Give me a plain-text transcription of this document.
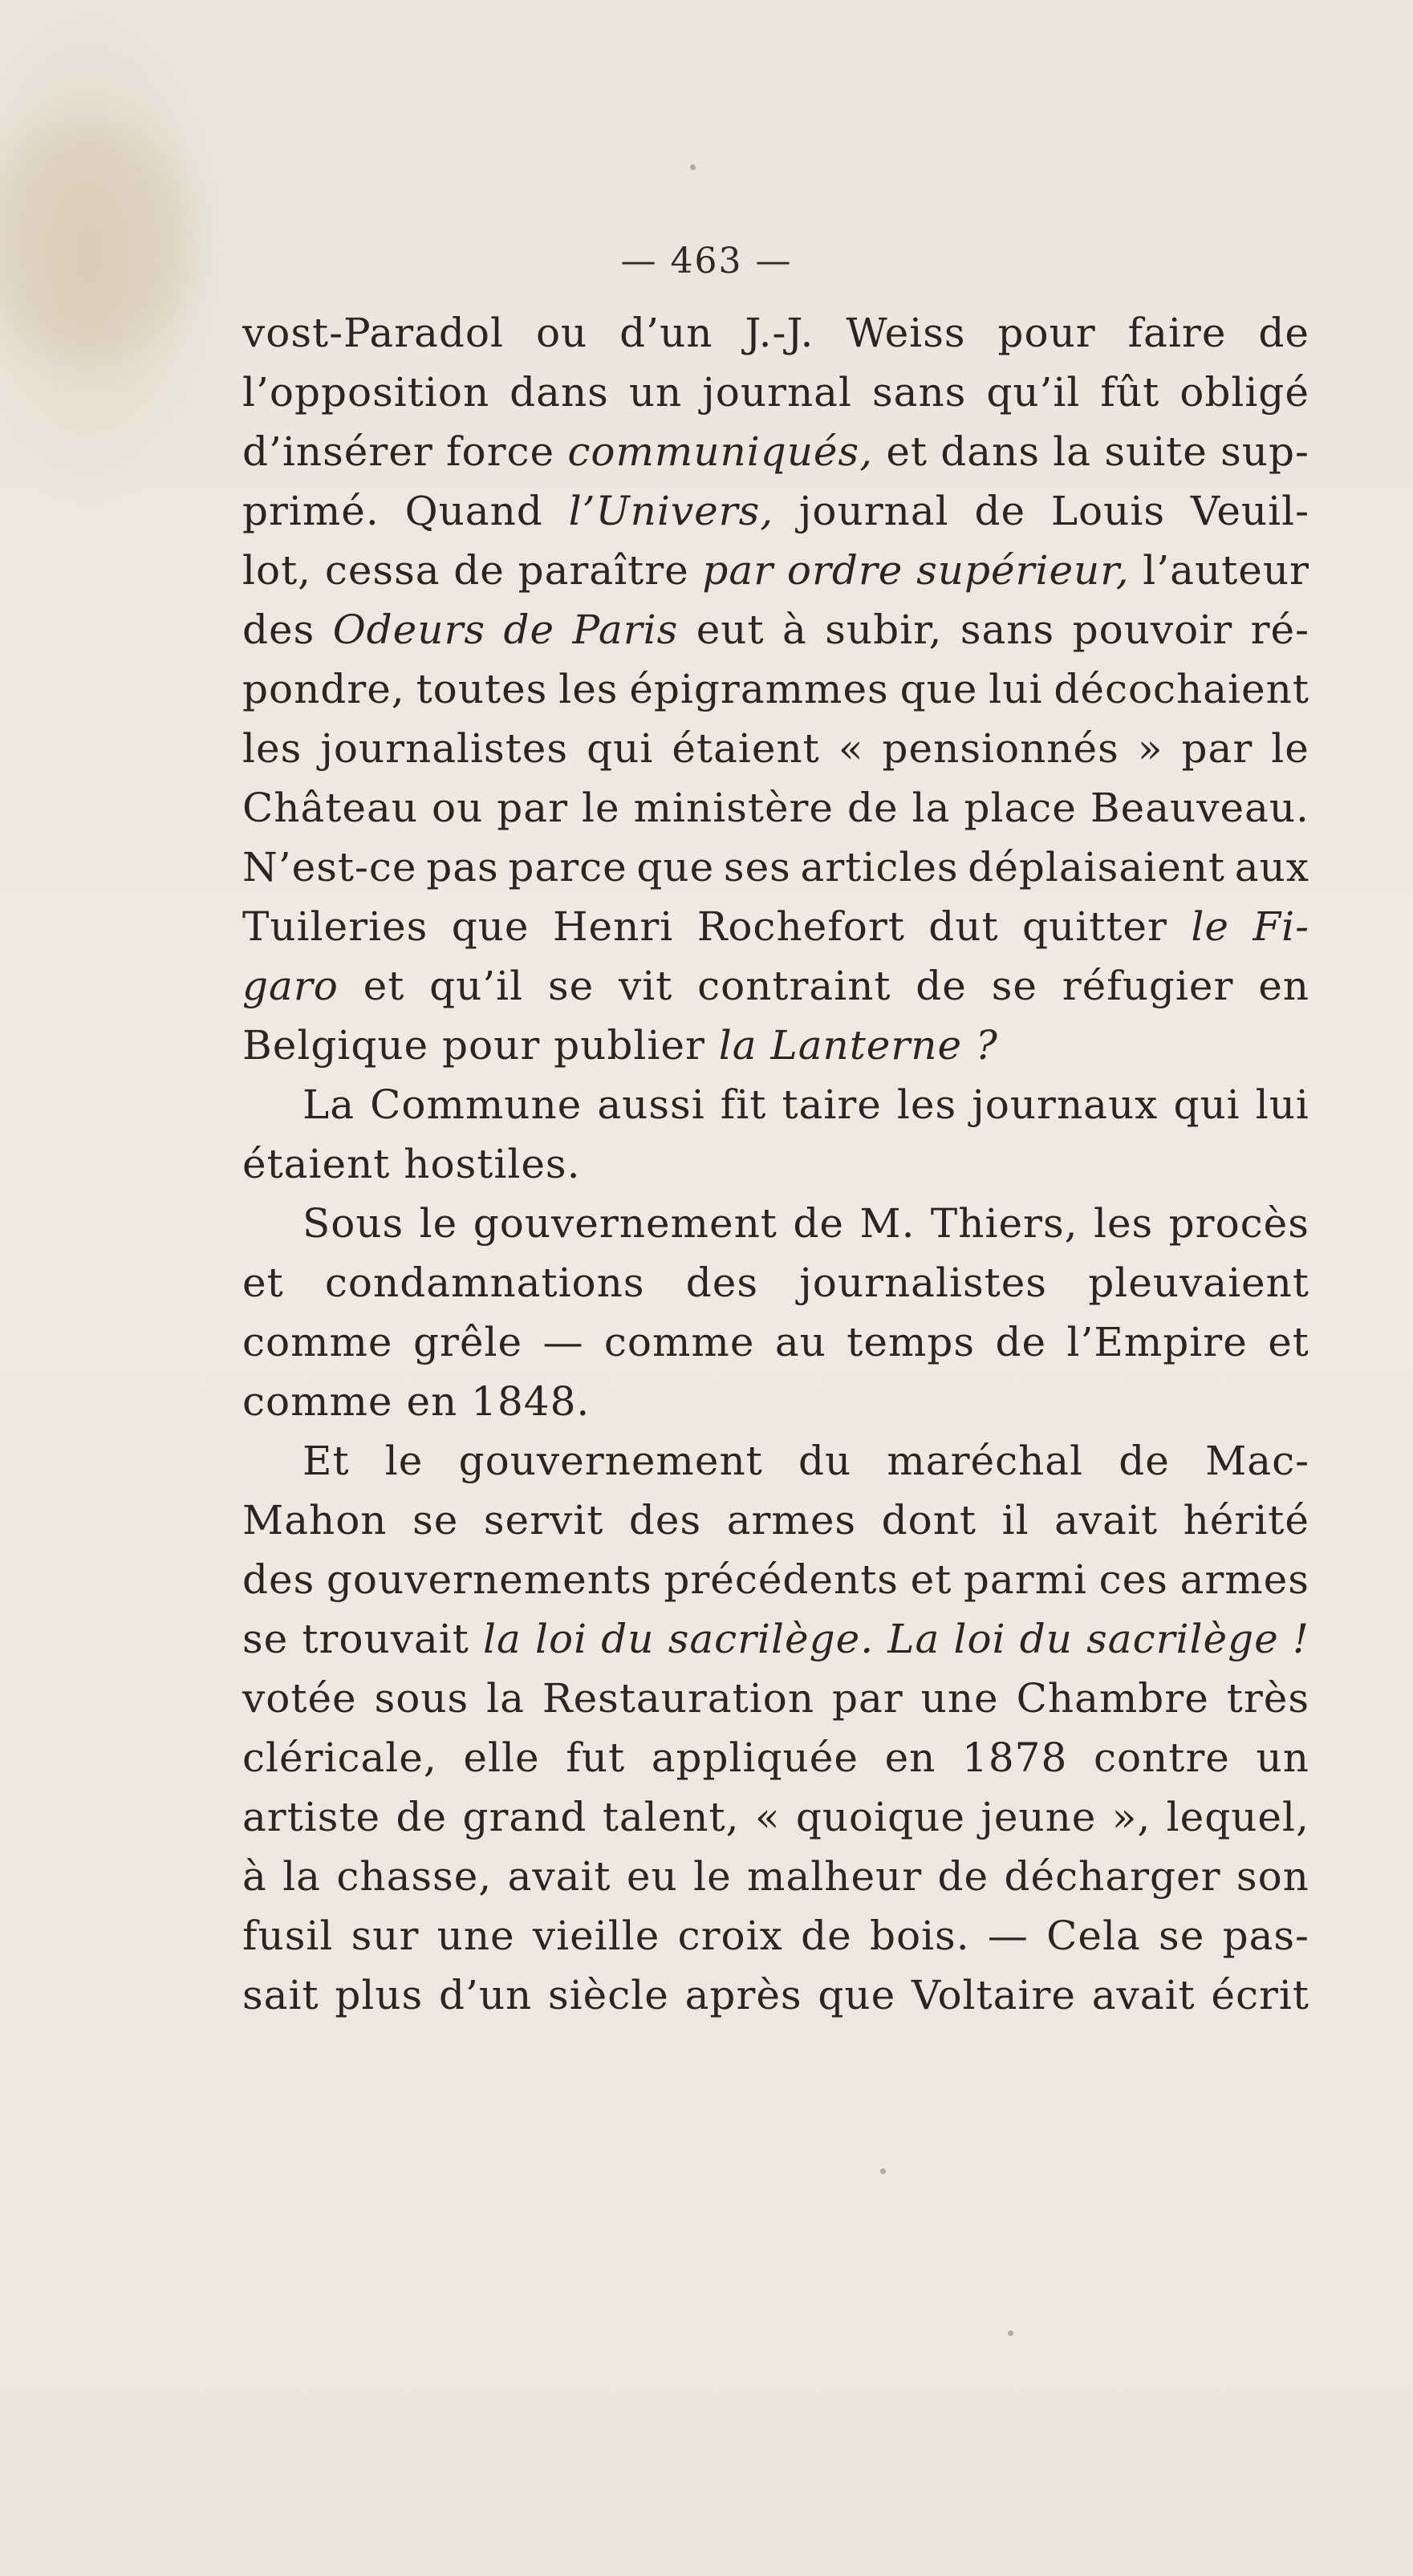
— 463 —
vost-Paradol ou d’un J.-J. Weiss pour faire de
l’opposition dans un journal sans qu’il fût obligé
d’insérer force communiqués, et dans la suite sup-
primé. Quand l’Univers, journal de Louis Veuil-
lot, cessa de paraître par ordre supérieur, l’auteur
des Odeurs de Paris eut à subir, sans pouvoir ré-
pondre, toutes les épigrammes que lui décochaient
les journalistes qui étaient « pensionnés » par le
Château ou par le ministère de la place Beauveau.
N’est-ce pas parce que ses articles déplaisaient aux
Tuileries que Henri Rochefort dut quitter le Fi-
garo et qu’il se vit contraint de se réfugier en
Belgique
pour
publier
la
Lanterne
?

La Commune aussi fit taire les journaux qui lui
étaient
hostiles.

Sous le gouvernement de M. Thiers, les procès
et condamnations des journalistes pleuvaient
comme grêle — comme au temps de l’Empire et
comme
en
1848.

Et le gouvernement du maréchal de Mac-
Mahon se servit des armes dont il avait hérité
des gouvernements précédents et parmi ces armes
se trouvait la loi du sacrilège. La loi du sacrilège !
votée sous la Restauration par une Chambre très
cléricale, elle fut appliquée en 1878 contre un
artiste de grand talent, « quoique jeune », lequel,
à la chasse, avait eu le malheur de décharger son
fusil sur une vieille croix de bois. — Cela se pas-
sait plus d’un siècle après que Voltaire avait écrit
